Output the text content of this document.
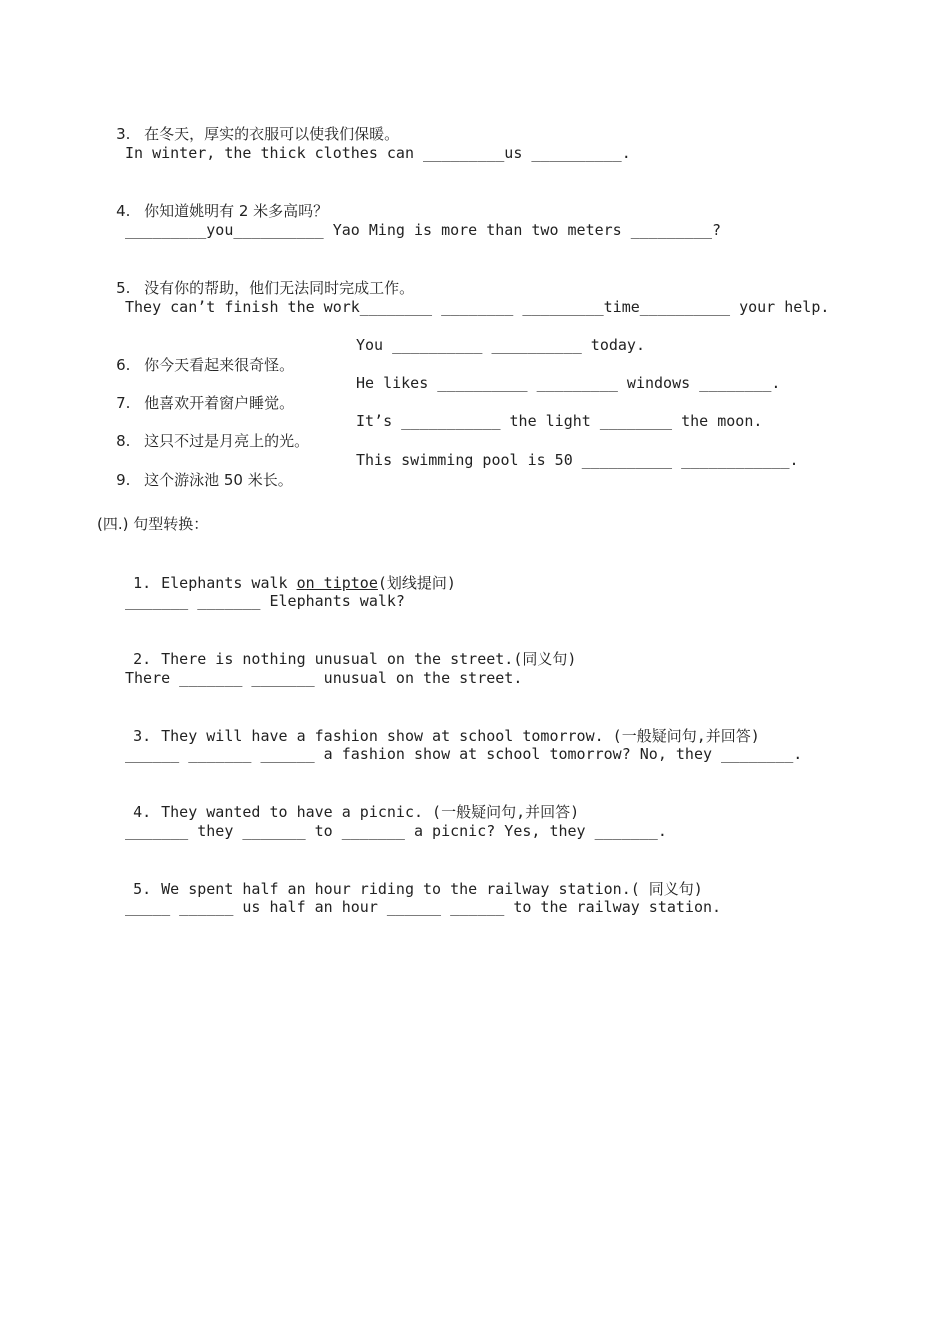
3. 在冬天，厚实的衣服可以使我们保暖。

In winter, the thick clothes can _________us __________.

4. 你知道姚明有 2 米多高吗？

_________you__________ Yao Ming is more than two meters _________?

5. 没有你的帮助，他们无法同时完成工作。

They can’t finish the work________ ________ _________time__________ your help.

6. 你今天看起来很奇怪。

You __________ __________ today.

7. 他喜欢开着窗户睡觉。

He likes __________ _________ windows ________.

8. 这只不过是月亮上的光。

It’s ___________ the light ________ the moon.

9. 这个游泳池 50 米长。

This swimming pool is 50 __________ ____________.
(四.) 句型转换：

1. Elephants walk on tiptoe(划线提问)

_______ _______ Elephants walk?

2. There is nothing unusual on the street.(同义句)

There _______ _______ unusual on the street.

3. They will have a fashion show at school tomorrow. (一般疑问句,并回答)

______ _______ ______ a fashion show at school tomorrow? No, they ________.

4. They wanted to have a picnic. (一般疑问句,并回答)

_______ they _______ to _______ a picnic? Yes, they _______.

5. We spent half an hour riding to the railway station.( 同义句)

_____ ______ us half an hour ______ ______ to the railway station.
